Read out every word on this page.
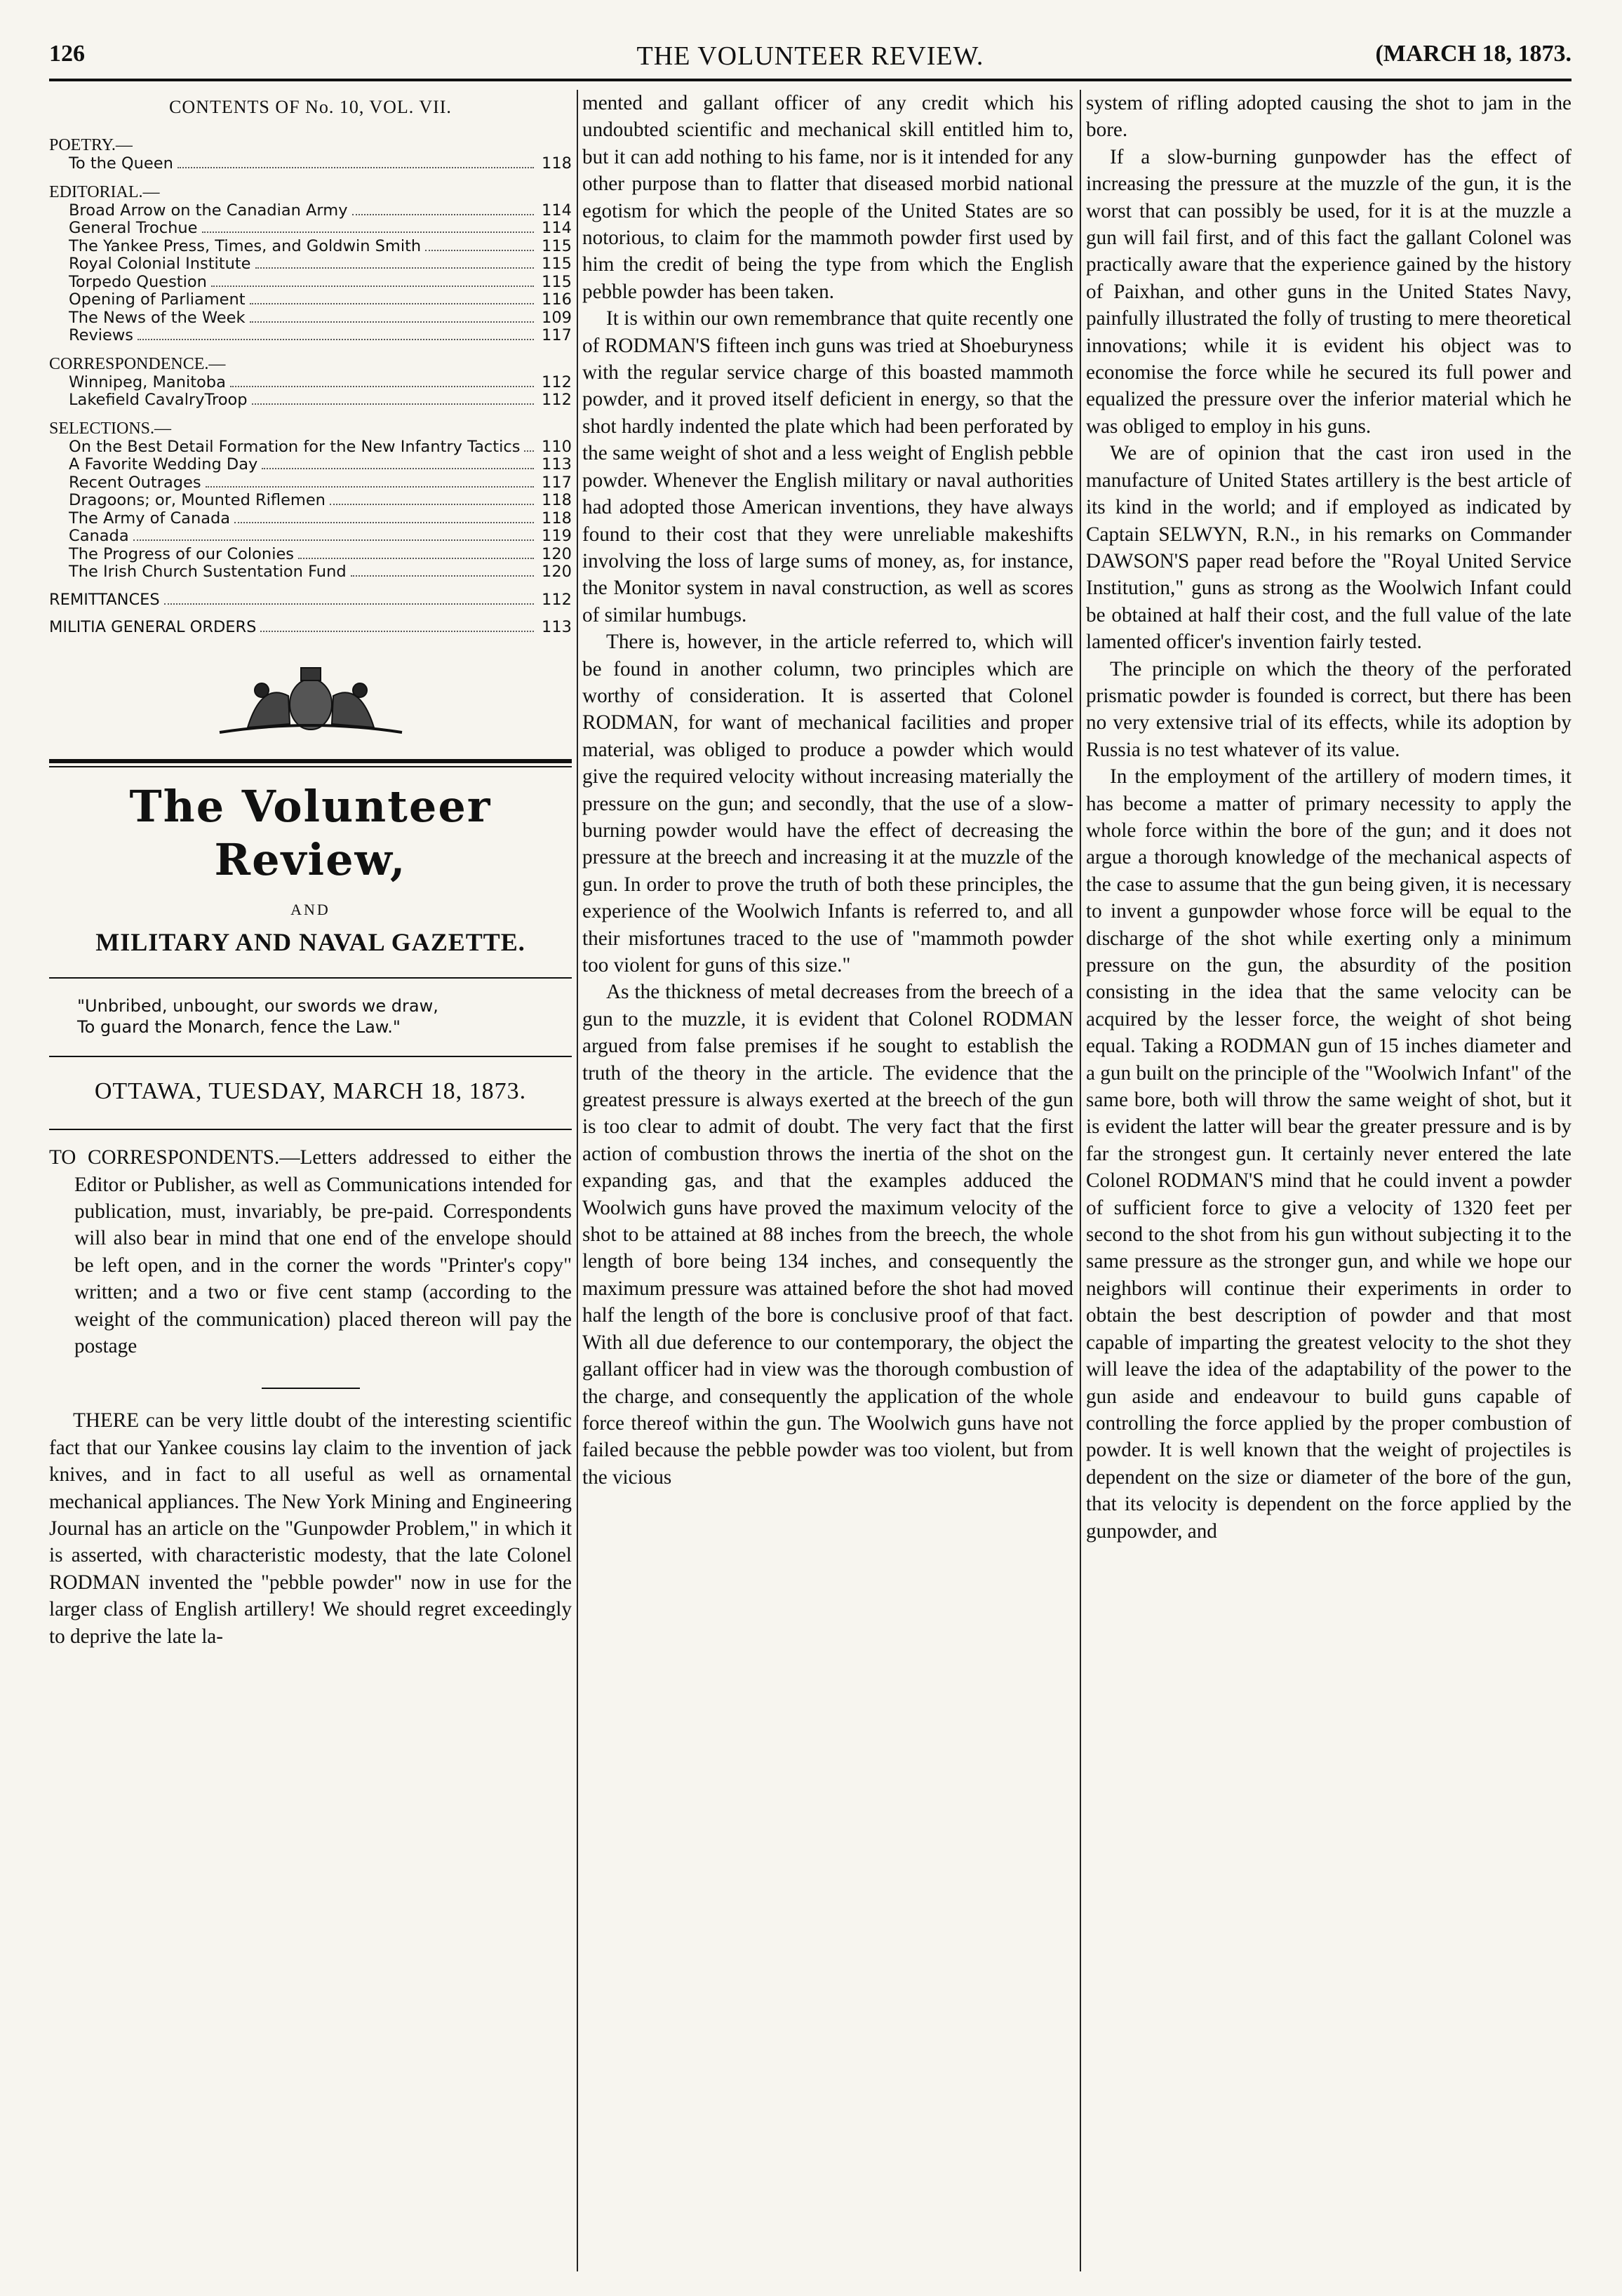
126	THE VOLUNTEER REVIEW.	(MARCH 18, 1873.
CONTENTS OF No. 10, VOL. VII.
POETRY.—
To the Queen	118
EDITORIAL.—
Broad Arrow on the Canadian Army	114
General Trochue	114
The Yankee Press, Times, and Goldwin Smith	115
Royal Colonial Institute	115
Torpedo Question	115
Opening of Parliament	116
The News of the Week	109
Reviews	117
CORRESPONDENCE.—
Winnipeg, Manitoba	112
Lakefield CavalryTroop	112
SELECTIONS.—
On the Best Detail Formation for the New Infantry Tactics 110
A Favorite Wedding Day	113
Recent Outrages	117
Dragoons; or, Mounted Riflemen	118
The Army of Canada	118
Canada	119
The Progress of our Colonies	120
The Irish Church Sustentation Fund	120
REMITTANCES	112
MILITIA GENERAL ORDERS	113
The Volunteer Review,
AND
MILITARY AND NAVAL GAZETTE.
"Unbribed, unbought, our swords we draw,
To guard the Monarch, fence the Law."
OTTAWA, TUESDAY, MARCH 18, 1873.

TO CORRESPONDENTS.—Letters addressed to either the Editor or Publisher, as well as Communications intended for publication, must, invariably, be pre-paid. Correspondents will also bear in mind that one end of the envelope should be left open, and in the corner the words "Printer's copy" written; and a two or five cent stamp (according to the weight of the communication) placed thereon will pay the postage

THERE can be very little doubt of the interesting scientific fact that our Yankee cousins lay claim to the invention of jack knives, and in fact to all useful as well as ornamental mechanical appliances. The New York Mining and Engineering Journal has an article on the "Gunpowder Problem," in which it is asserted, with characteristic modesty, that the late Colonel RODMAN invented the "pebble powder" now in use for the larger class of English artillery! We should regret exceedingly to deprive the late la-

mented and gallant officer of any credit which his undoubted scientific and mechanical skill entitled him to, but it can add nothing to his fame, nor is it intended for any other purpose than to flatter that diseased morbid national egotism for which the people of the United States are so notorious, to claim for the mammoth powder first used by him the credit of being the type from which the English pebble powder has been taken.

It is within our own remembrance that quite recently one of RODMAN'S fifteen inch guns was tried at Shoeburyness with the regular service charge of this boasted mammoth powder, and it proved itself deficient in energy, so that the shot hardly indented the plate which had been perforated by the same weight of shot and a less weight of English pebble powder. Whenever the English military or naval authorities had adopted those American inventions, they have always found to their cost that they were unreliable makeshifts involving the loss of large sums of money, as, for instance, the Monitor system in naval construction, as well as scores of similar humbugs.

There is, however, in the article referred to, which will be found in another column, two principles which are worthy of consideration. It is asserted that Colonel RODMAN, for want of mechanical facilities and proper material, was obliged to produce a powder which would give the required velocity without increasing materially the pressure on the gun; and secondly, that the use of a slow-burning powder would have the effect of decreasing the pressure at the breech and increasing it at the muzzle of the gun. In order to prove the truth of both these principles, the experience of the Woolwich Infants is referred to, and all their misfortunes traced to the use of "mammoth powder too violent for guns of this size."

As the thickness of metal decreases from the breech of a gun to the muzzle, it is evident that Colonel RODMAN argued from false premises if he sought to establish the truth of the theory in the article. The evidence that the greatest pressure is always exerted at the breech of the gun is too clear to admit of doubt. The very fact that the first action of combustion throws the inertia of the shot on the expanding gas, and that the examples adduced the Woolwich guns have proved the maximum velocity of the shot to be attained at 88 inches from the breech, the whole length of bore being 134 inches, and consequently the maximum pressure was attained before the shot had moved half the length of the bore is conclusive proof of that fact. With all due deference to our contemporary, the object the gallant officer had in view was the thorough combustion of the charge, and consequently the application of the whole force thereof within the gun. The Woolwich guns have not failed because the pebble powder was too violent, but from the vicious

system of rifling adopted causing the shot to jam in the bore.

If a slow-burning gunpowder has the effect of increasing the pressure at the muzzle of the gun, it is the worst that can possibly be used, for it is at the muzzle a gun will fail first, and of this fact the gallant Colonel was practically aware that the experience gained by the history of Paixhan, and other guns in the United States Navy, painfully illustrated the folly of trusting to mere theoretical innovations; while it is evident his object was to economise the force while he secured its full power and equalized the pressure over the inferior material which he was obliged to employ in his guns.

We are of opinion that the cast iron used in the manufacture of United States artillery is the best article of its kind in the world; and if employed as indicated by Captain SELWYN, R.N., in his remarks on Commander DAWSON'S paper read before the "Royal United Service Institution," guns as strong as the Woolwich Infant could be obtained at half their cost, and the full value of the late lamented officer's invention fairly tested.

The principle on which the theory of the perforated prismatic powder is founded is correct, but there has been no very extensive trial of its effects, while its adoption by Russia is no test whatever of its value.

In the employment of the artillery of modern times, it has become a matter of primary necessity to apply the whole force within the bore of the gun; and it does not argue a thorough knowledge of the mechanical aspects of the case to assume that the gun being given, it is necessary to invent a gunpowder whose force will be equal to the discharge of the shot while exerting only a minimum pressure on the gun, the absurdity of the position consisting in the idea that the same velocity can be acquired by the lesser force, the weight of shot being equal. Taking a RODMAN gun of 15 inches diameter and a gun built on the principle of the "Woolwich Infant" of the same bore, both will throw the same weight of shot, but it is evident the latter will bear the greater pressure and is by far the strongest gun. It certainly never entered the late Colonel RODMAN'S mind that he could invent a powder of sufficient force to give a velocity of 1320 feet per second to the shot from his gun without subjecting it to the same pressure as the stronger gun, and while we hope our neighbors will continue their experiments in order to obtain the best description of powder and that most capable of imparting the greatest velocity to the shot they will leave the idea of the adaptability of the power to the gun aside and endeavour to build guns capable of controlling the force applied by the proper combustion of powder. It is well known that the weight of projectiles is dependent on the size or diameter of the bore of the gun, that its velocity is dependent on the force applied by the gunpowder, and
